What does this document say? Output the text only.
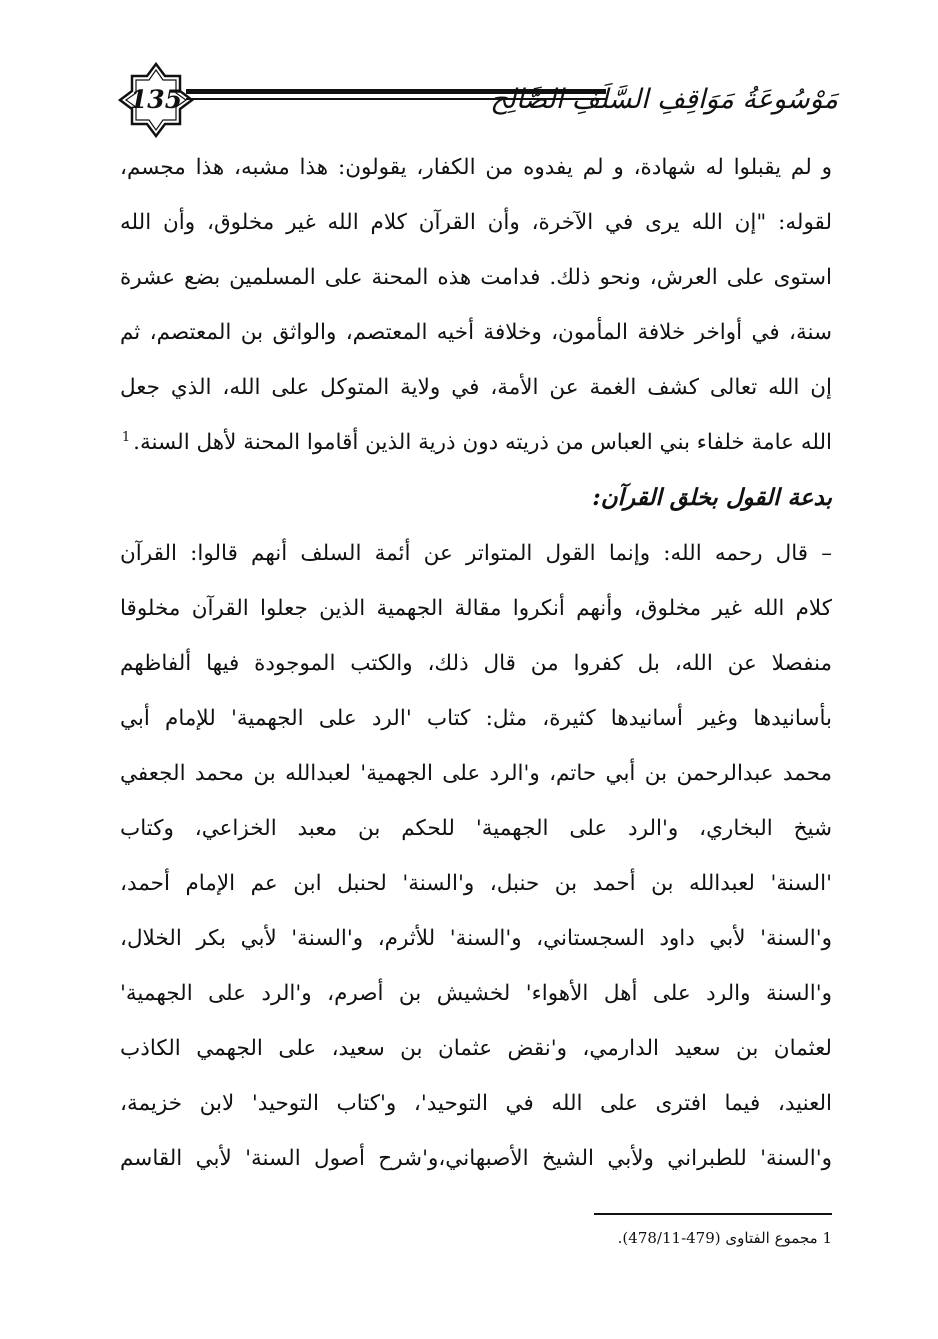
135	مَوْسُوعَةُ مَوَاقِفِ السَّلَفِ الصَّالِح
و لم يقبلوا له شهادة، و لم يفدوه من الكفار، يقولون: هذا مشبه، هذا مجسم،
لقوله: "إن الله يرى في الآخرة، وأن القرآن كلام الله غير مخلوق، وأن الله
استوى على العرش، ونحو ذلك. فدامت هذه المحنة على المسلمين بضع عشرة
سنة، في أواخر خلافة المأمون، وخلافة أخيه المعتصم، والواثق بن المعتصم، ثم
إن الله تعالى كشف الغمة عن الأمة، في ولاية المتوكل على الله، الذي جعل
الله عامة خلفاء بني العباس من ذريته دون ذرية الذين أقاموا المحنة لأهل السنة.$^1$
بدعة القول بخلق القرآن:
– قال رحمه الله: وإنما القول المتواتر عن أئمة السلف أنهم قالوا: القرآن
كلام الله غير مخلوق، وأنهم أنكروا مقالة الجهمية الذين جعلوا القرآن مخلوقا
منفصلا عن الله، بل كفروا من قال ذلك، والكتب الموجودة فيها ألفاظهم
بأسانيدها وغير أسانيدها كثيرة، مثل: كتاب 'الرد على الجهمية' للإمام أبي
محمد عبدالرحمن بن أبي حاتم، و'الرد على الجهمية' لعبدالله بن محمد الجعفي
شيخ البخاري، و'الرد على الجهمية' للحكم بن معبد الخزاعي، وكتاب
'السنة' لعبدالله بن أحمد بن حنبل، و'السنة' لحنبل ابن عم الإمام أحمد،
و'السنة' لأبي داود السجستاني، و'السنة' للأثرم، و'السنة' لأبي بكر الخلال،
و'السنة والرد على أهل الأهواء' لخشيش بن أصرم، و'الرد على الجهمية'
لعثمان بن سعيد الدارمي، و'نقض عثمان بن سعيد، على الجهمي الكاذب
العنيد، فيما افترى على الله في التوحيد'، و'كتاب التوحيد' لابن خزيمة،
و'السنة' للطبراني ولأبي الشيخ الأصبهاني،و'شرح أصول السنة' لأبي القاسم
1 مجموع الفتاوى (479-478/11).
